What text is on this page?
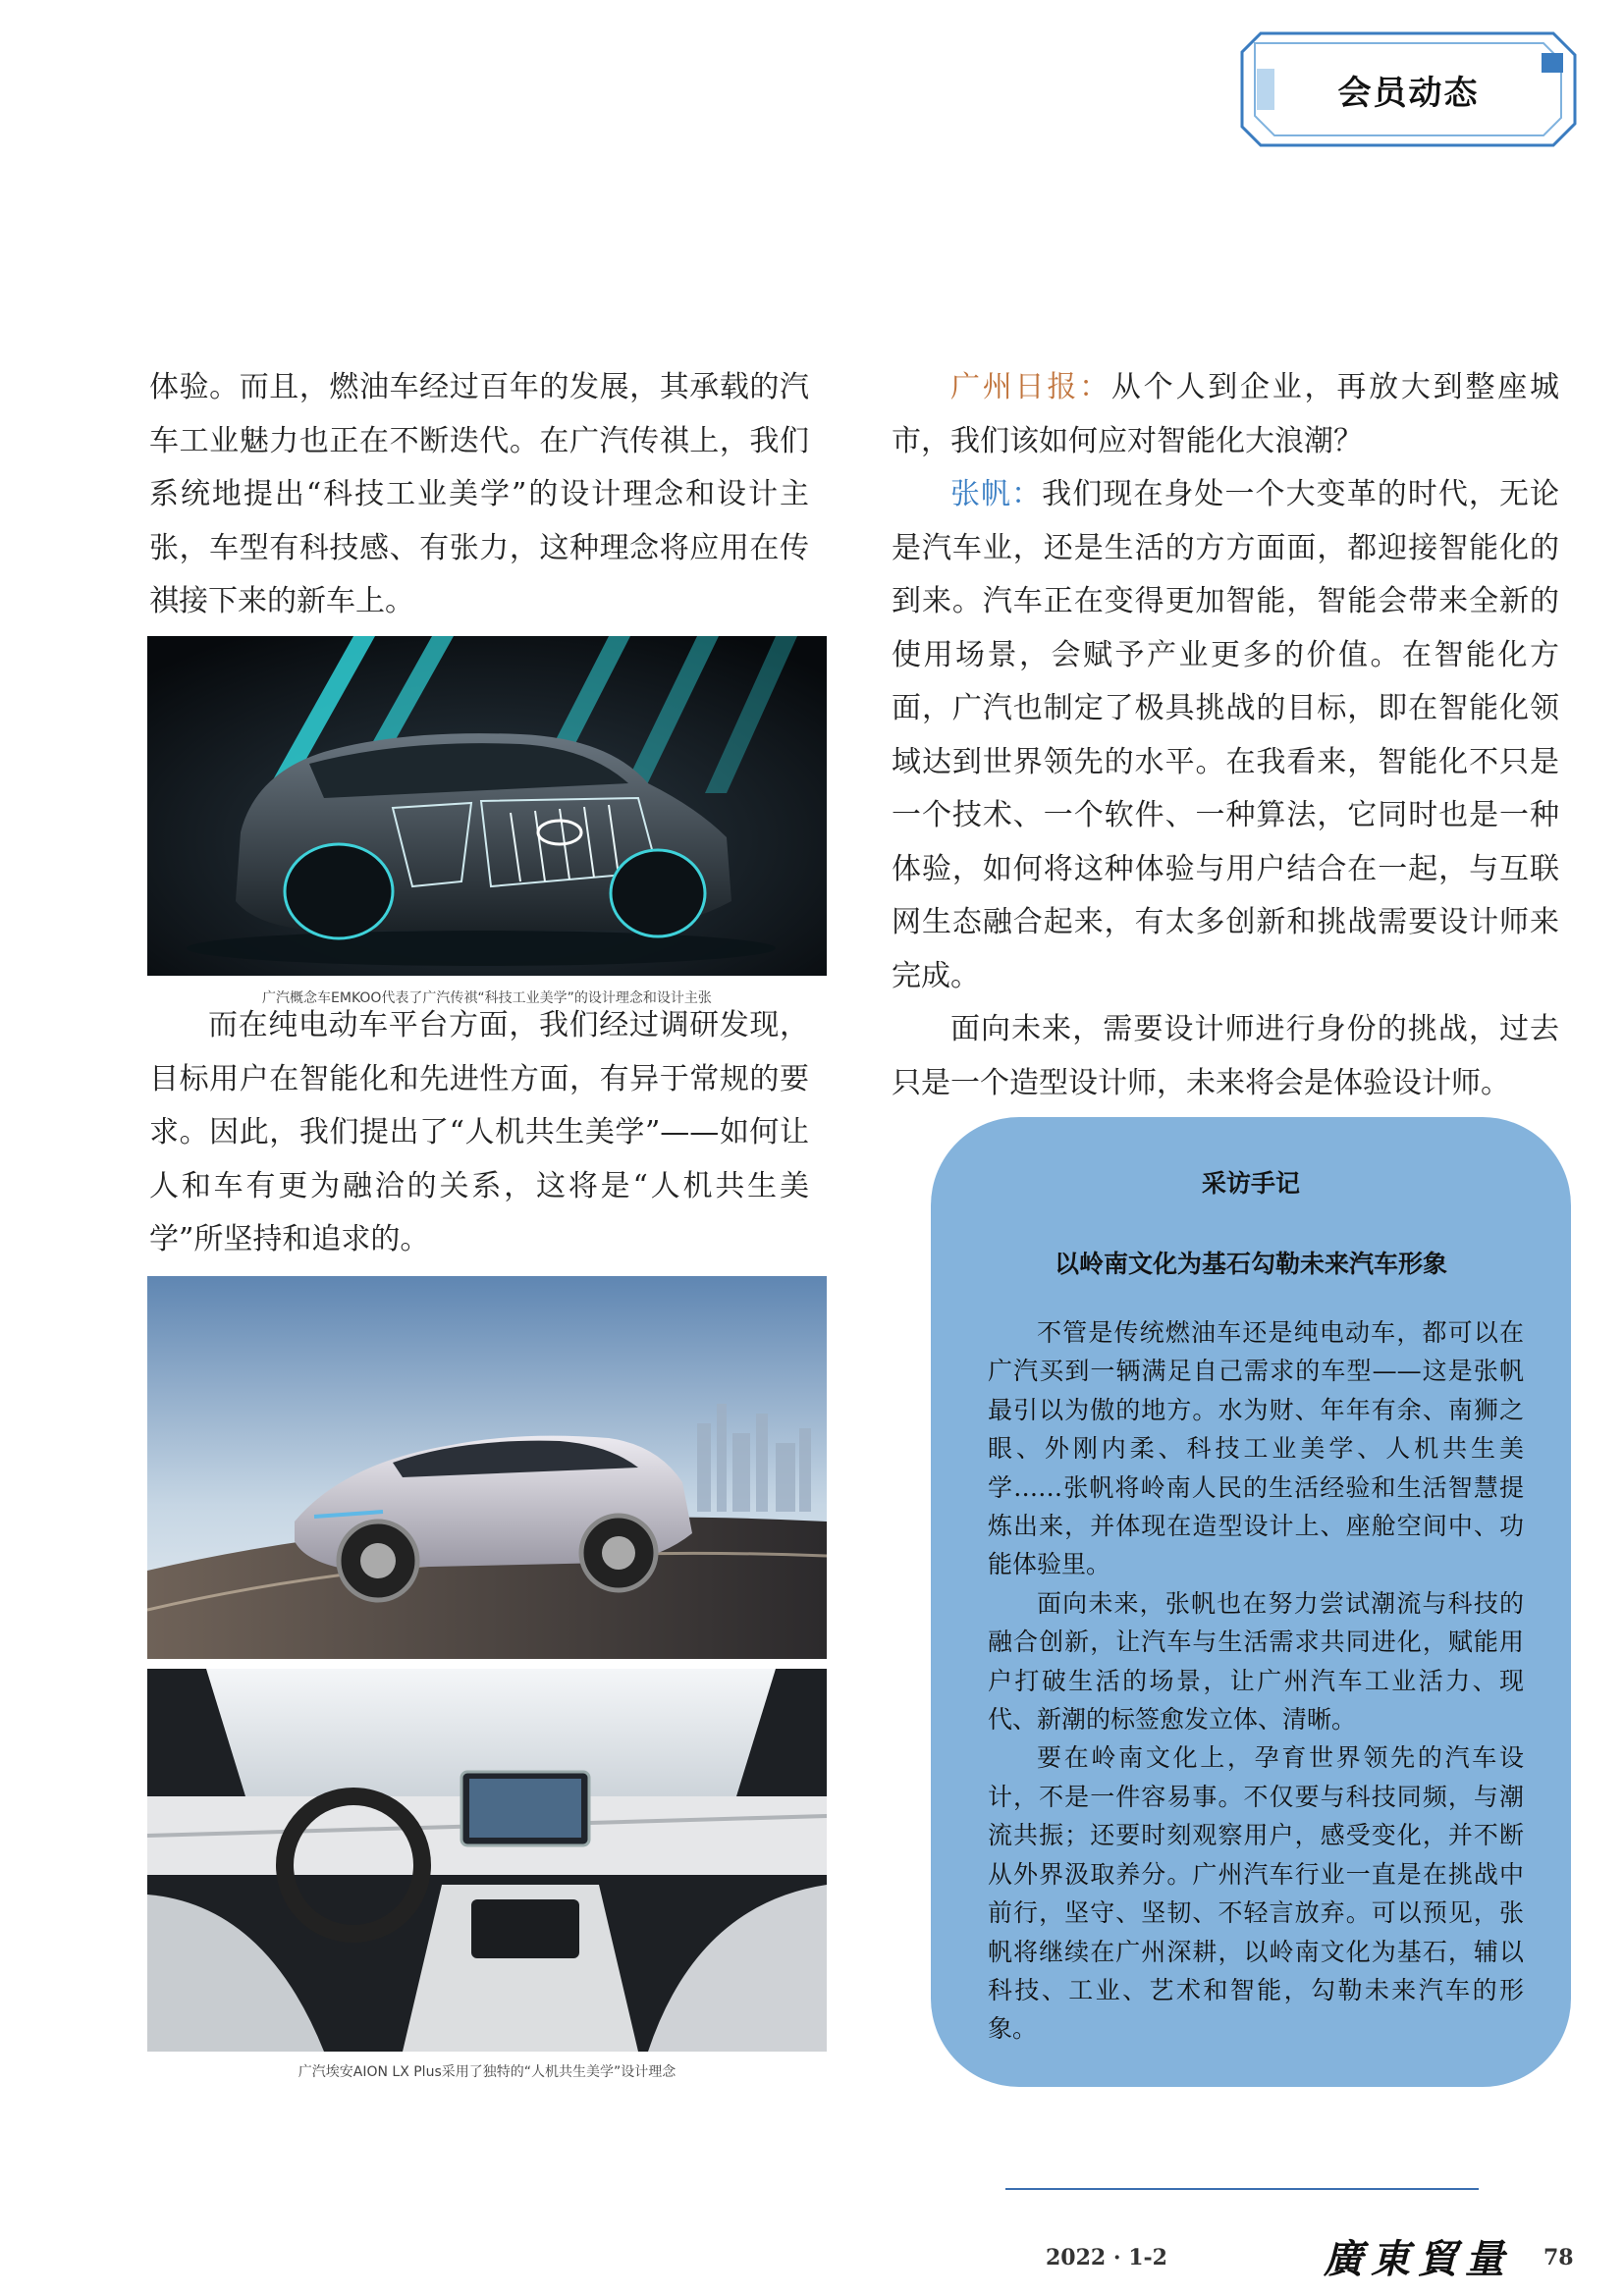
会员动态

体验。而且，燃油车经过百年的发展，其承载的汽车工业魅力也正在不断迭代。在广汽传祺上，我们系统地提出“科技工业美学”的设计理念和设计主张，车型有科技感、有张力，这种理念将应用在传祺接下来的新车上。

广汽概念车EMKOO代表了广汽传祺“科技工业美学”的设计理念和设计主张

而在纯电动车平台方面，我们经过调研发现，目标用户在智能化和先进性方面，有异于常规的要求。因此，我们提出了“人机共生美学”——如何让人和车有更为融洽的关系，这将是“人机共生美学”所坚持和追求的。

广汽埃安AION LX Plus采用了独特的“人机共生美学”设计理念

广州日报：从个人到企业，再放大到整座城市，我们该如何应对智能化大浪潮？

张帆：我们现在身处一个大变革的时代，无论是汽车业，还是生活的方方面面，都迎接智能化的到来。汽车正在变得更加智能，智能会带来全新的使用场景，会赋予产业更多的价值。在智能化方面，广汽也制定了极具挑战的目标，即在智能化领域达到世界领先的水平。在我看来，智能化不只是一个技术、一个软件、一种算法，它同时也是一种体验，如何将这种体验与用户结合在一起，与互联网生态融合起来，有太多创新和挑战需要设计师来完成。

面向未来，需要设计师进行身份的挑战，过去只是一个造型设计师，未来将会是体验设计师。

采访手记
以岭南文化为基石勾勒未来汽车形象

不管是传统燃油车还是纯电动车，都可以在广汽买到一辆满足自己需求的车型——这是张帆最引以为傲的地方。水为财、年年有余、南狮之眼、外刚内柔、科技工业美学、人机共生美学……张帆将岭南人民的生活经验和生活智慧提炼出来，并体现在造型设计上、座舱空间中、功能体验里。

面向未来，张帆也在努力尝试潮流与科技的融合创新，让汽车与生活需求共同进化，赋能用户打破生活的场景，让广州汽车工业活力、现代、新潮的标签愈发立体、清晰。

要在岭南文化上，孕育世界领先的汽车设计，不是一件容易事。不仅要与科技同频，与潮流共振；还要时刻观察用户，感受变化，并不断从外界汲取养分。广州汽车行业一直是在挑战中前行，坚守、坚韧、不轻言放弃。可以预见，张帆将继续在广州深耕，以岭南文化为基石，辅以科技、工业、艺术和智能，勾勒未来汽车的形象。

2022 · 1-2	廣東貿量 78
